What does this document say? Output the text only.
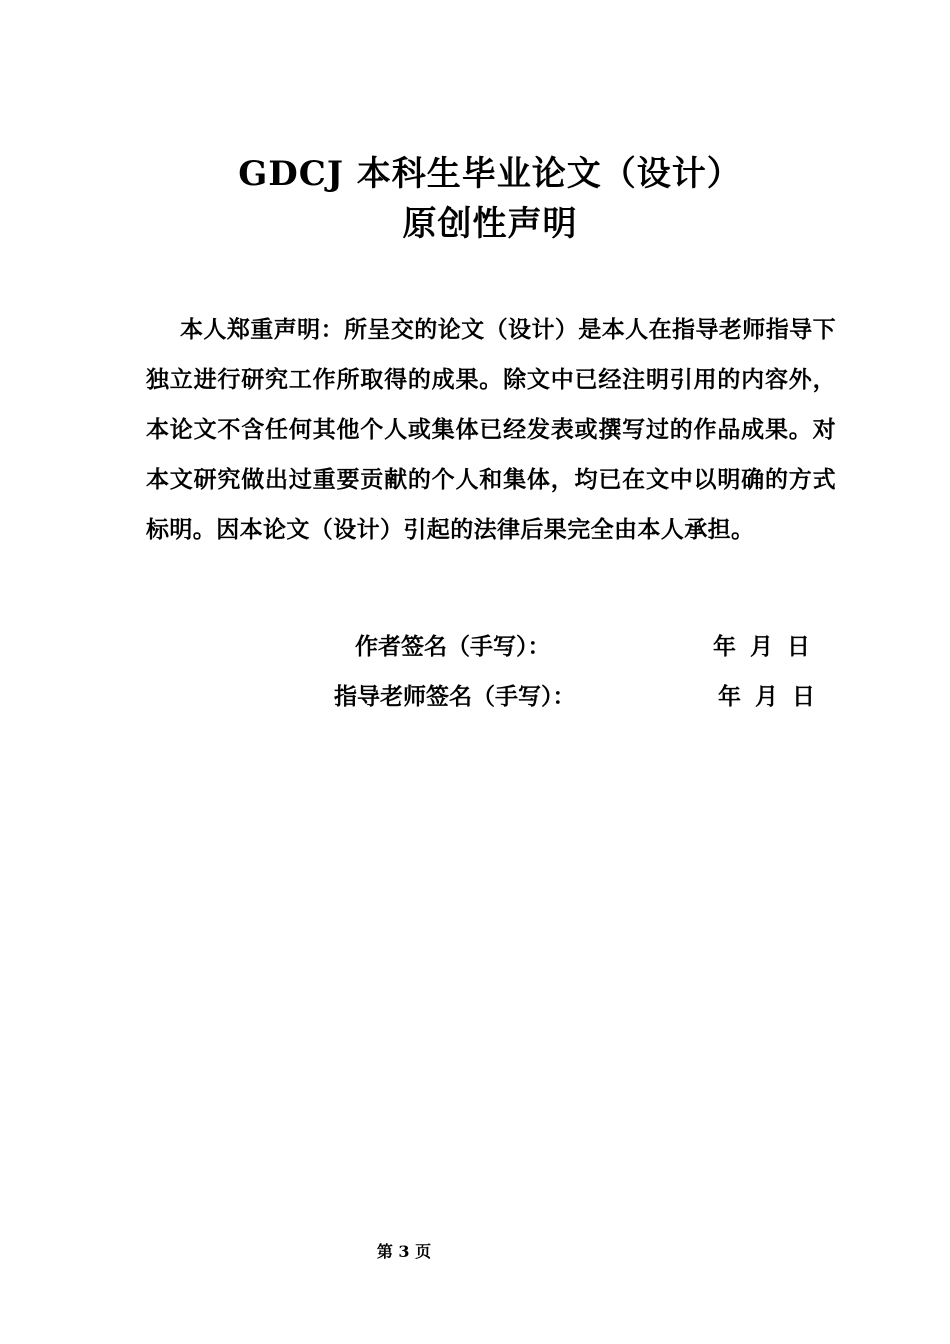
GDCJ 本科生毕业论文（设计）
原创性声明

本人郑重声明：所呈交的论文（设计）是本人在指导老师指导下独立进行研究工作所取得的成果。除文中已经注明引用的内容外，本论文不含任何其他个人或集体已经发表或撰写过的作品成果。对本文研究做出过重要贡献的个人和集体，均已在文中以明确的方式标明。因本论文（设计）引起的法律后果完全由本人承担。

作者签名（手写）：	年 月 日
指导老师签名（手写）：	年 月 日
第 3 页
